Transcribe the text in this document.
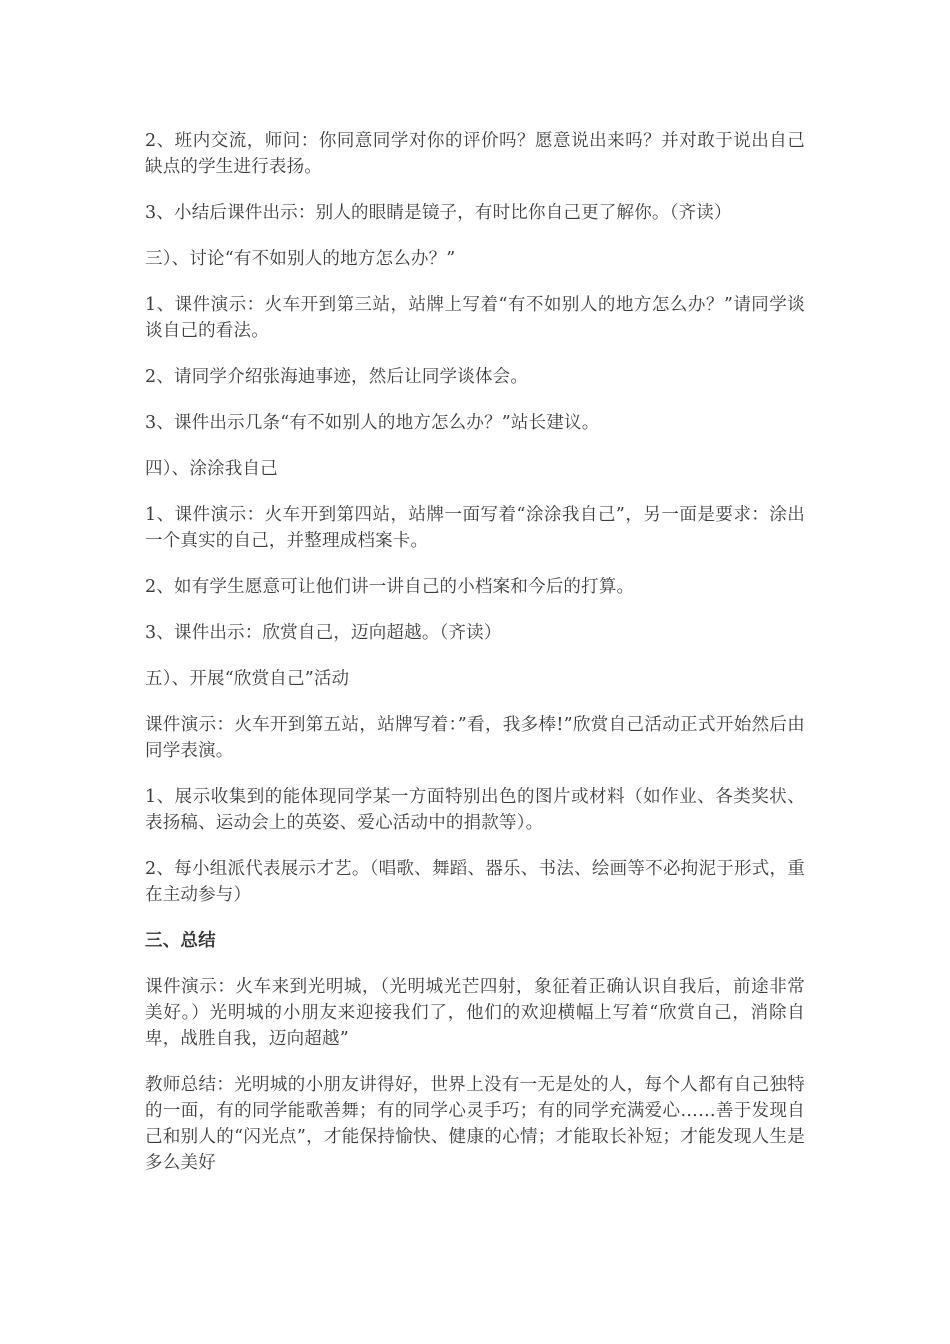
2、班内交流，师问：你同意同学对你的评价吗？愿意说出来吗？并对敢于说出自己缺点的学生进行表扬。

3、小结后课件出示：别人的眼睛是镜子，有时比你自己更了解你。（齐读）

三）、讨论“有不如别人的地方怎么办？”

1、课件演示：火车开到第三站，站牌上写着“有不如别人的地方怎么办？”请同学谈谈自己的看法。

2、请同学介绍张海迪事迹，然后让同学谈体会。

3、课件出示几条“有不如别人的地方怎么办？”站长建议。

四）、涂涂我自己

1、课件演示：火车开到第四站，站牌一面写着“涂涂我自己”，另一面是要求：涂出一个真实的自己，并整理成档案卡。

2、如有学生愿意可让他们讲一讲自己的小档案和今后的打算。

3、课件出示：欣赏自己，迈向超越。（齐读）

五）、开展“欣赏自己”活动

课件演示：火车开到第五站，站牌写着：”看，我多棒!”欣赏自己活动正式开始然后由同学表演。

1、展示收集到的能体现同学某一方面特别出色的图片或材料（如作业、各类奖状、表扬稿、运动会上的英姿、爱心活动中的捐款等）。

2、每小组派代表展示才艺。（唱歌、舞蹈、器乐、书法、绘画等不必拘泥于形式，重在主动参与）

三、总结

课件演示：火车来到光明城，（光明城光芒四射，象征着正确认识自我后，前途非常美好。）光明城的小朋友来迎接我们了，他们的欢迎横幅上写着“欣赏自己，消除自卑，战胜自我，迈向超越”

教师总结：光明城的小朋友讲得好，世界上没有一无是处的人，每个人都有自己独特的一面，有的同学能歌善舞；有的同学心灵手巧；有的同学充满爱心……善于发现自己和别人的“闪光点”，才能保持愉快、健康的心情；才能取长补短；才能发现人生是多么美好
